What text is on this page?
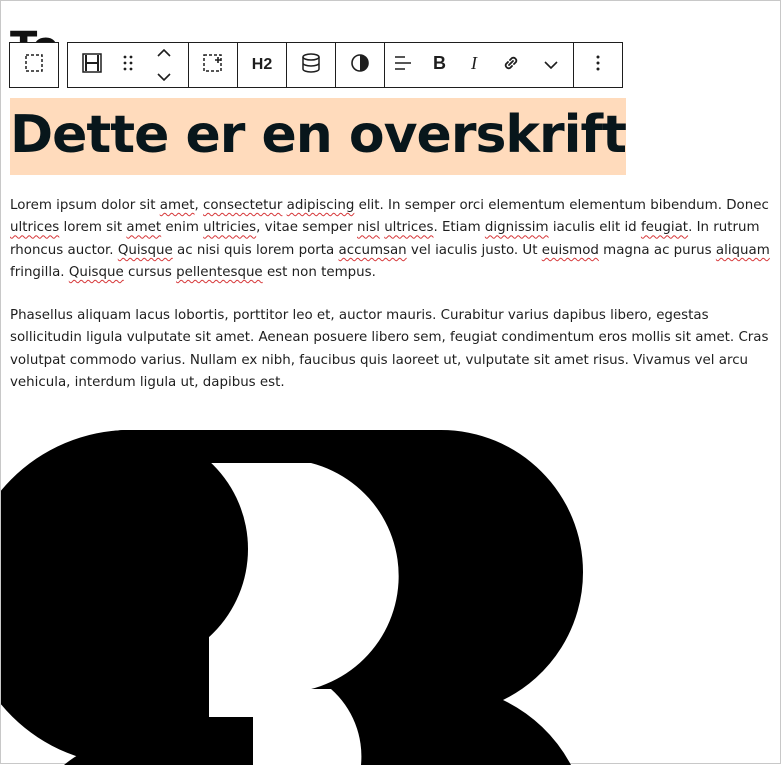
H2	B I
Dette er en overskrift

Lorem ipsum dolor sit amet, consectetur adipiscing elit. In semper orci elementum elementum bibendum. Donec ultrices lorem sit amet enim ultricies, vitae semper nisl ultrices. Etiam dignissim iaculis elit id feugiat. In rutrum rhoncus auctor. Quisque ac nisi quis lorem porta accumsan vel iaculis justo. Ut euismod magna ac purus aliquam fringilla. Quisque cursus pellentesque est non tempus.

Phasellus aliquam lacus lobortis, porttitor leo et, auctor mauris. Curabitur varius dapibus libero, egestas sollicitudin ligula vulputate sit amet. Aenean posuere libero sem, feugiat condimentum eros mollis sit amet. Cras volutpat commodo varius. Nullam ex nibh, faucibus quis laoreet ut, vulputate sit amet risus. Vivamus vel arcu vehicula, interdum ligula ut, dapibus est.
